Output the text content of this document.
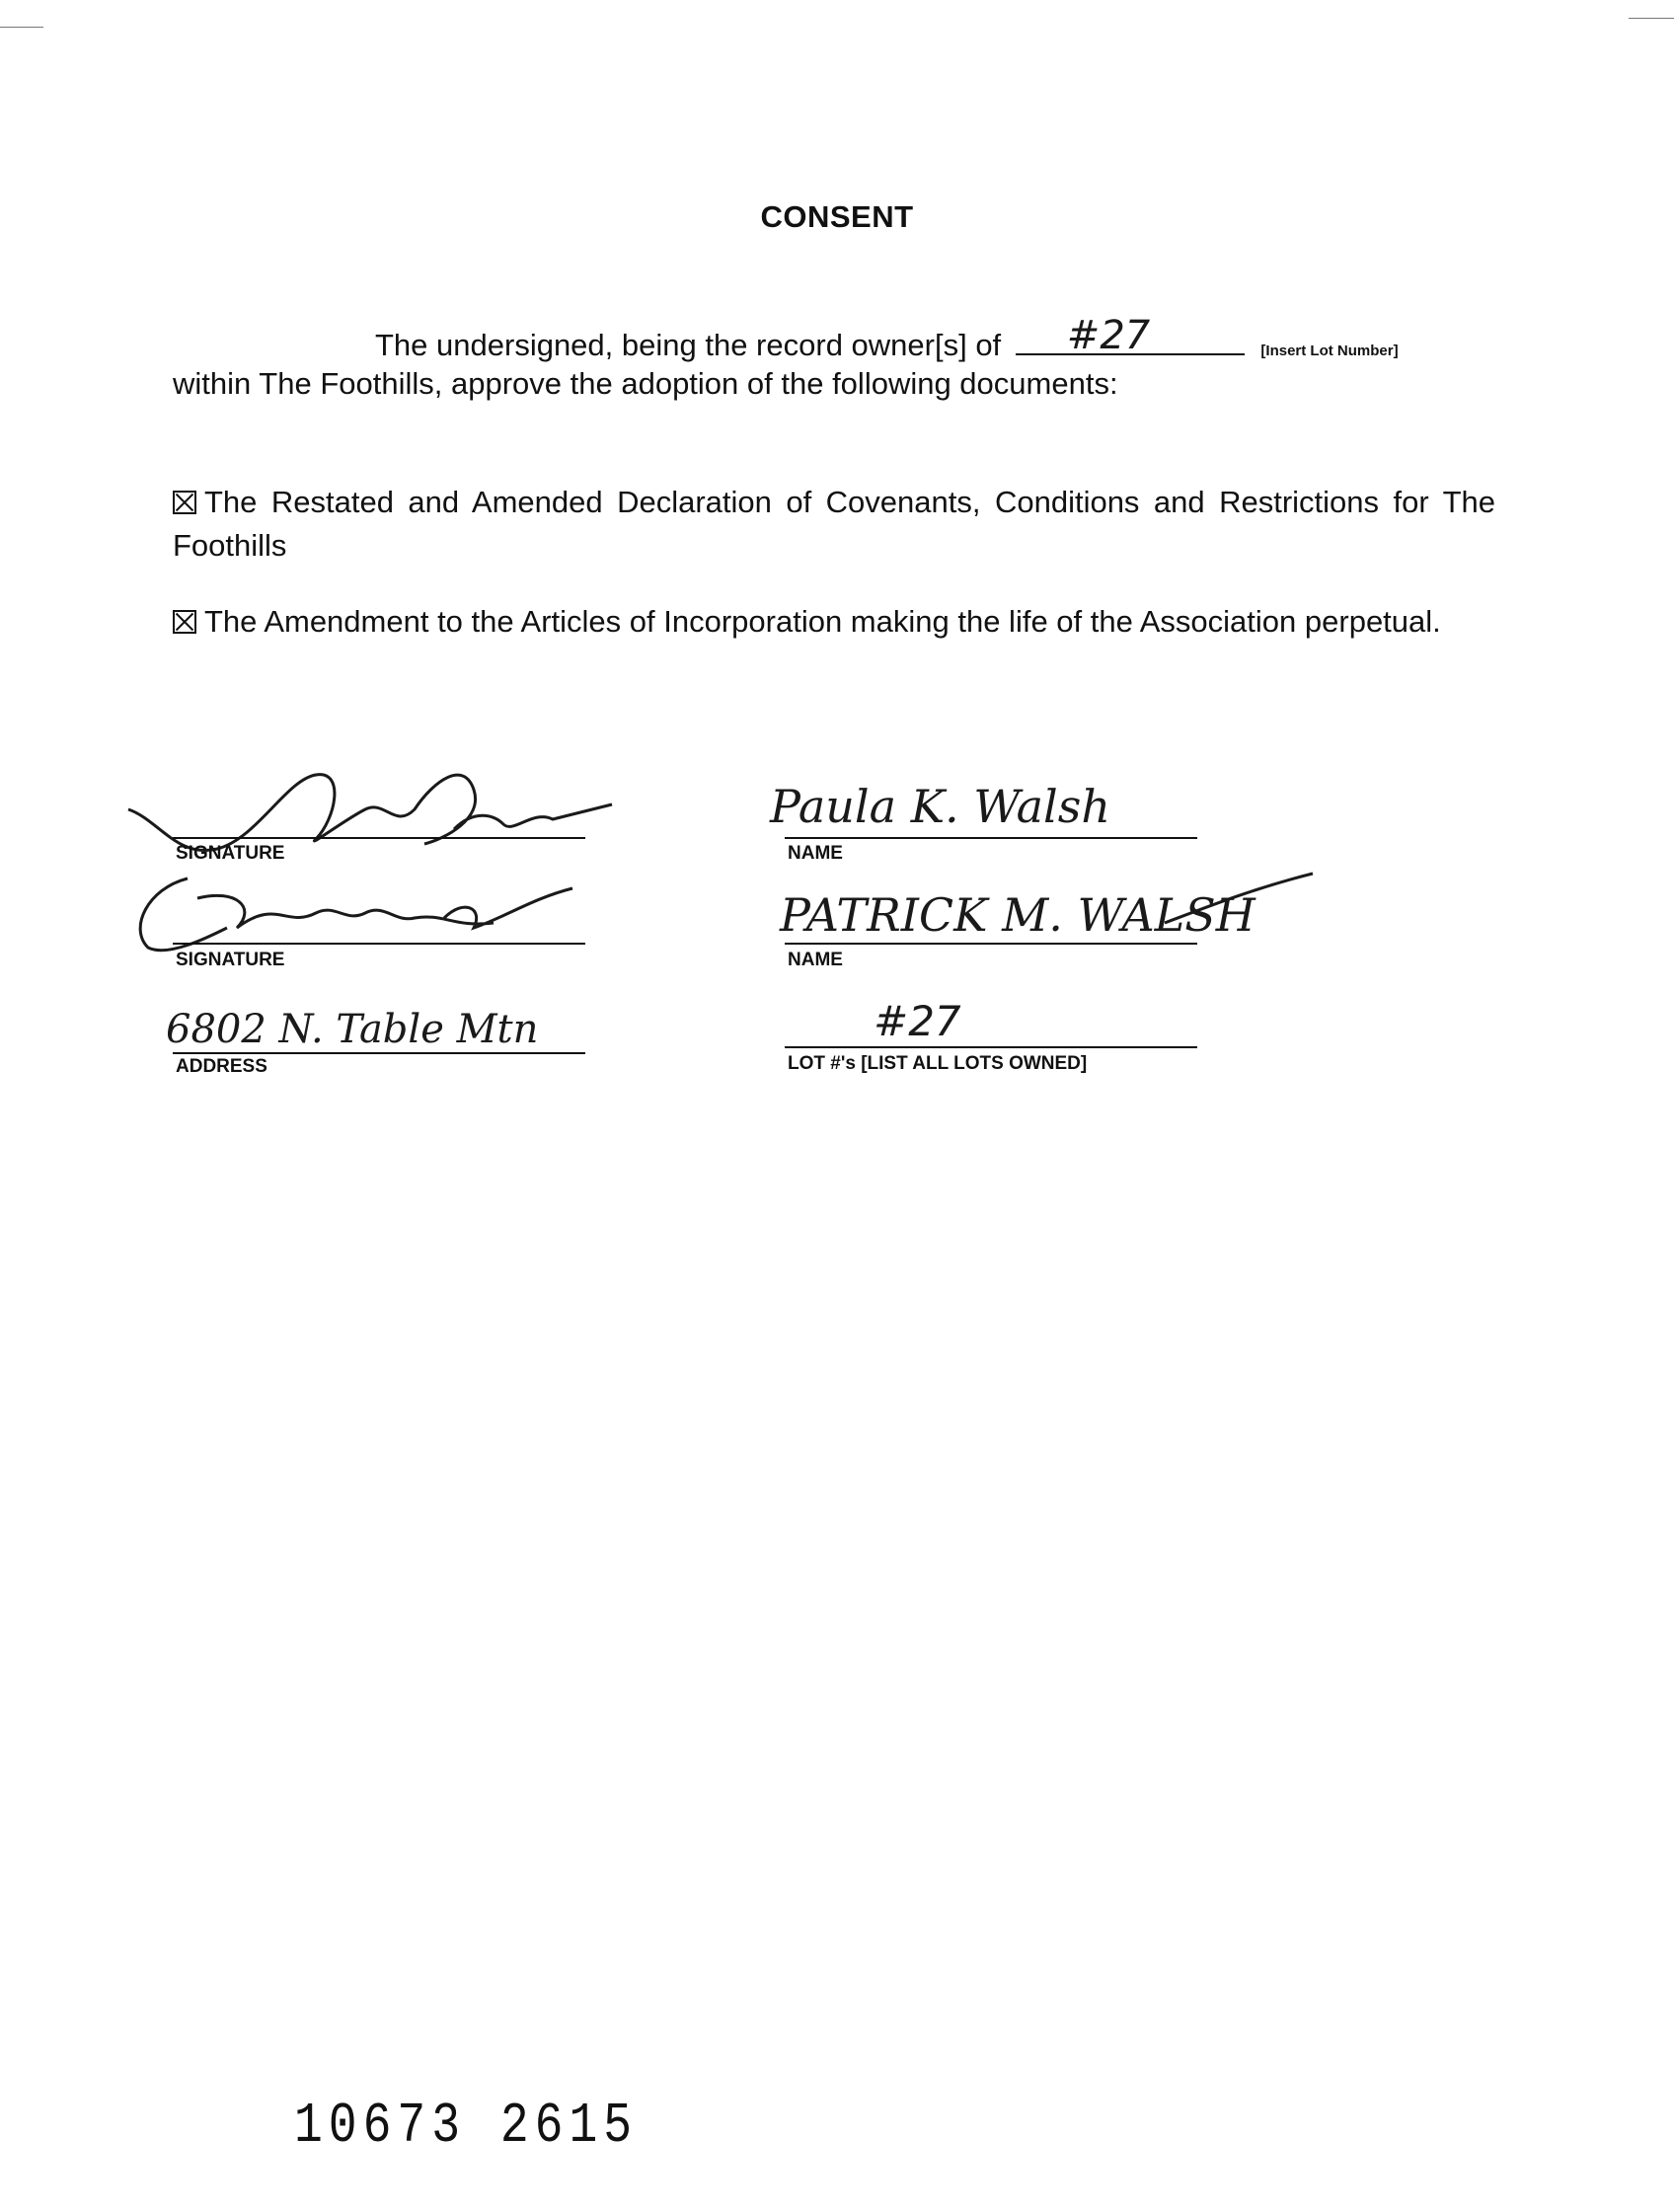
CONSENT
The undersigned, being the record owner[s] of #27	[Insert Lot Number]
within The Foothills, approve the adoption of the following documents:
The Restated and Amended Declaration of Covenants, Conditions and Restrictions for The Foothills
The Amendment to the Articles of Incorporation making the life of the Association perpetual.
SIGNATURE
SIGNATURE
6802 N. Table Mtn
ADDRESS
Paula K. Walsh
NAME
PATRICK M. WALSH
NAME
#27
LOT #'s [LIST ALL LOTS OWNED]
10673 2615
